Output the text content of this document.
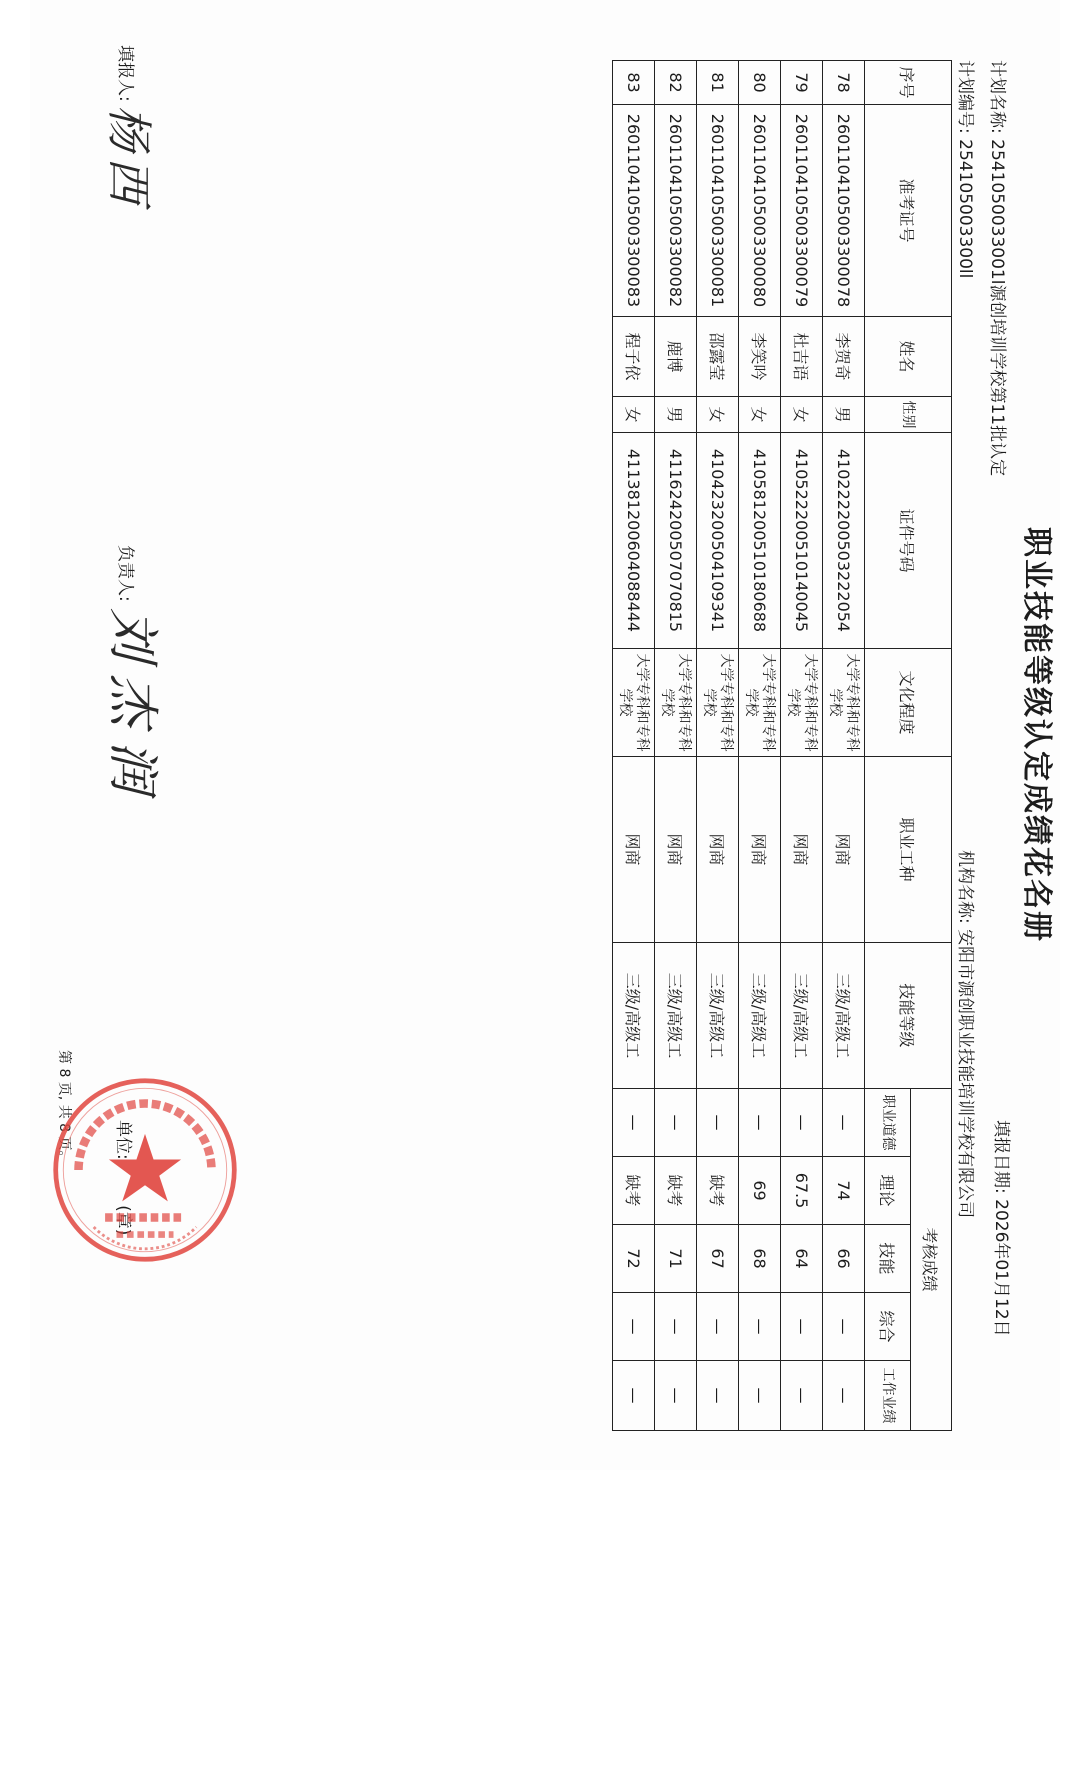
职业技能等级认定成绩花名册
计划名称: 2541050033001l源创培训学校第11批认定
计划编号: 254105003300ll
填报日期: 2026年01月12日
机构名称: 安阳市源创职业技能培训学校有限公司
序号	准考证号	姓名	性别	证件号码	文化程度	职业工种	技能等级	考核成绩				
								职业道德	理论	技能	综合	工作业绩
78	2601104105003300078	李贺奇	男	410222200503222054	大学专科和专科学校	网商	三级/高级工	—	74	66	—	—
79	2601104105003300079	杜吉语	女	410522200510140045	大学专科和专科学校	网商	三级/高级工	—	67.5	64	—	—
80	2601104105003300080	李笑吟	女	410581200510180688	大学专科和专科学校	网商	三级/高级工	—	69	68	—	—
81	2601104105003300081	邵露莹	女	410423200504109341	大学专科和专科学校	网商	三级/高级工	—	缺考	67	—	—
82	2601104105003300082	鹿博	男	411624200507070815	大学专科和专科学校	网商	三级/高级工	—	缺考	71	—	—
83	2601104105003300083	程子依	女	411381200604088444	大学专科和专科学校	网商	三级/高级工	—	缺考	72	—	—
填报人:
杨西
负责人:
刘杰润
单位: (章)
第 8 页, 共 8 页。
